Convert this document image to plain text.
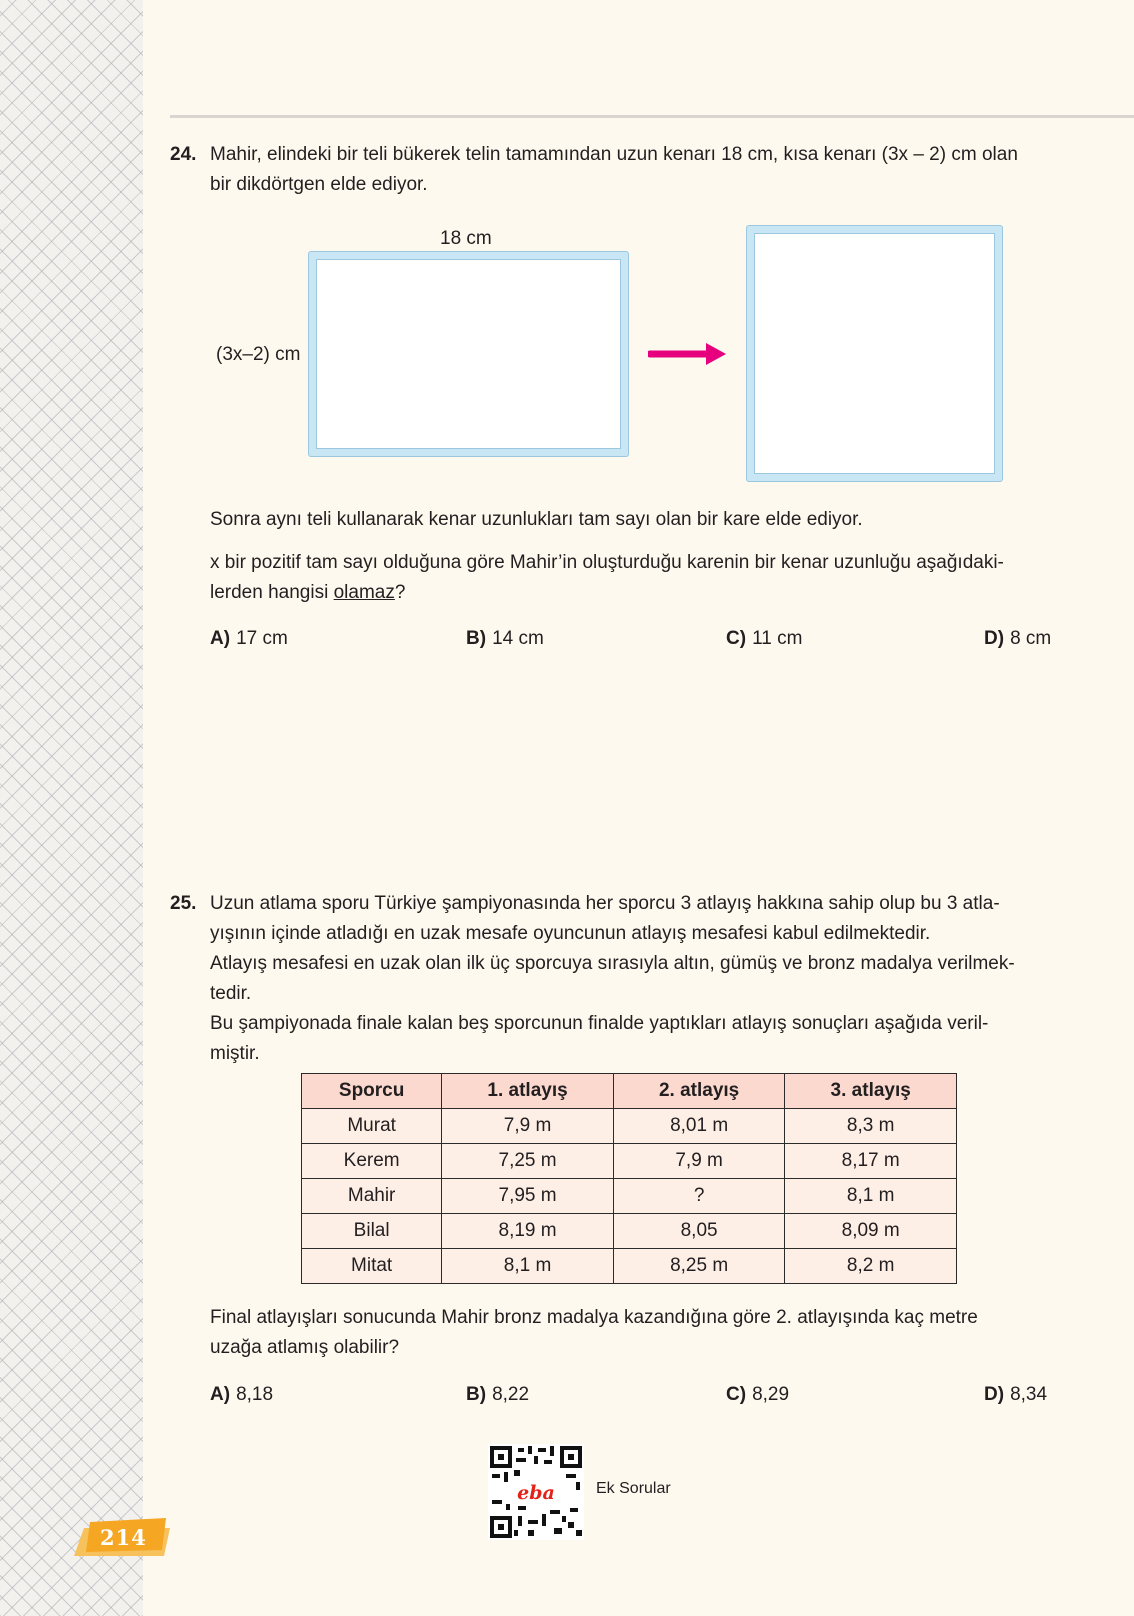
24. Mahir, elindeki bir teli bükerek telin tamamından uzun kenarı 18 cm, kısa kenarı (3x – 2) cm olan
bir dikdörtgen elde ediyor.
18 cm
(3x–2) cm
Sonra aynı teli kullanarak kenar uzunlukları tam sayı olan bir kare elde ediyor.
x bir pozitif tam sayı olduğuna göre Mahir’in oluşturduğu karenin bir kenar uzunluğu aşağıdaki-
lerden hangisi olamaz?
A) 17 cm	B) 14 cm	C) 11 cm	D) 8 cm
25. Uzun atlama sporu Türkiye şampiyonasında her sporcu 3 atlayış hakkına sahip olup bu 3 atla-
yışının içinde atladığı en uzak mesafe oyuncunun atlayış mesafesi kabul edilmektedir.
Atlayış mesafesi en uzak olan ilk üç sporcuya sırasıyla altın, gümüş ve bronz madalya verilmek-
tedir.
Bu şampiyonada finale kalan beş sporcunun finalde yaptıkları atlayış sonuçları aşağıda veril-
miştir.
Sporcu	1. atlayış	2. atlayış	3. atlayış
Murat	7,9 m	8,01 m	8,3 m
Kerem	7,25 m	7,9 m	8,17 m
Mahir	7,95 m	?	8,1 m
Bilal	8,19 m	8,05	8,09 m
Mitat	8,1 m	8,25 m	8,2 m
Final atlayışları sonucunda Mahir bronz madalya kazandığına göre 2. atlayışında kaç metre
uzağa atlamış olabilir?
A) 8,18	B) 8,22	C) 8,29	D) 8,34
eba	Ek Sorular
214
